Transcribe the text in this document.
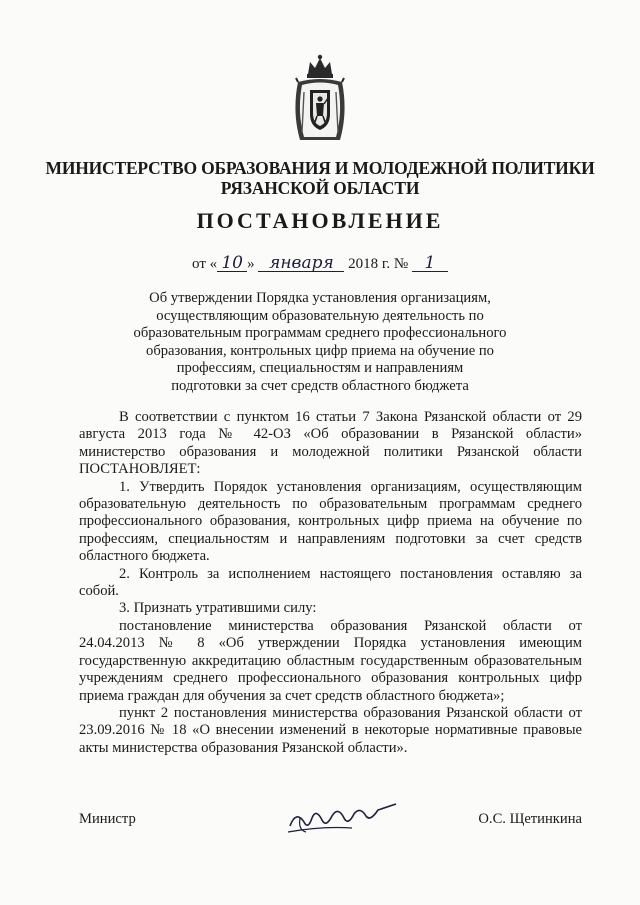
МИНИСТЕРСТВО ОБРАЗОВАНИЯ И МОЛОДЕЖНОЙ ПОЛИТИКИ
РЯЗАНСКОЙ ОБЛАСТИ
ПОСТАНОВЛЕНИЕ
от « 10 » января 2018 г. № 1
Об утверждении Порядка установления организациям,
осуществляющим образовательную деятельность по
образовательным программам среднего профессионального
образования, контрольных цифр приема на обучение по
профессиям, специальностям и направлениям
подготовки за счет средств областного бюджета

В соответствии с пунктом 16 статьи 7 Закона Рязанской области от 29 августа 2013 года № 42-ОЗ «Об образовании в Рязанской области» министерство образования и молодежной политики Рязанской области ПОСТАНОВЛЯЕТ:

1. Утвердить Порядок установления организациям, осуществляющим образовательную деятельность по образовательным программам среднего профессионального образования, контрольных цифр приема на обучение по профессиям, специальностям и направлениям подготовки за счет средств областного бюджета.

2. Контроль за исполнением настоящего постановления оставляю за собой.

3. Признать утратившими силу:

постановление министерства образования Рязанской области от 24.04.2013 № 8 «Об утверждении Порядка установления имеющим государственную аккредитацию областным государственным образовательным учреждениям среднего профессионального образования контрольных цифр приема граждан для обучения за счет средств областного бюджета»;

пункт 2 постановления министерства образования Рязанской области от 23.09.2016 № 18 «О внесении изменений в некоторые нормативные правовые акты министерства образования Рязанской области».

Министр	О.С. Щетинкина
